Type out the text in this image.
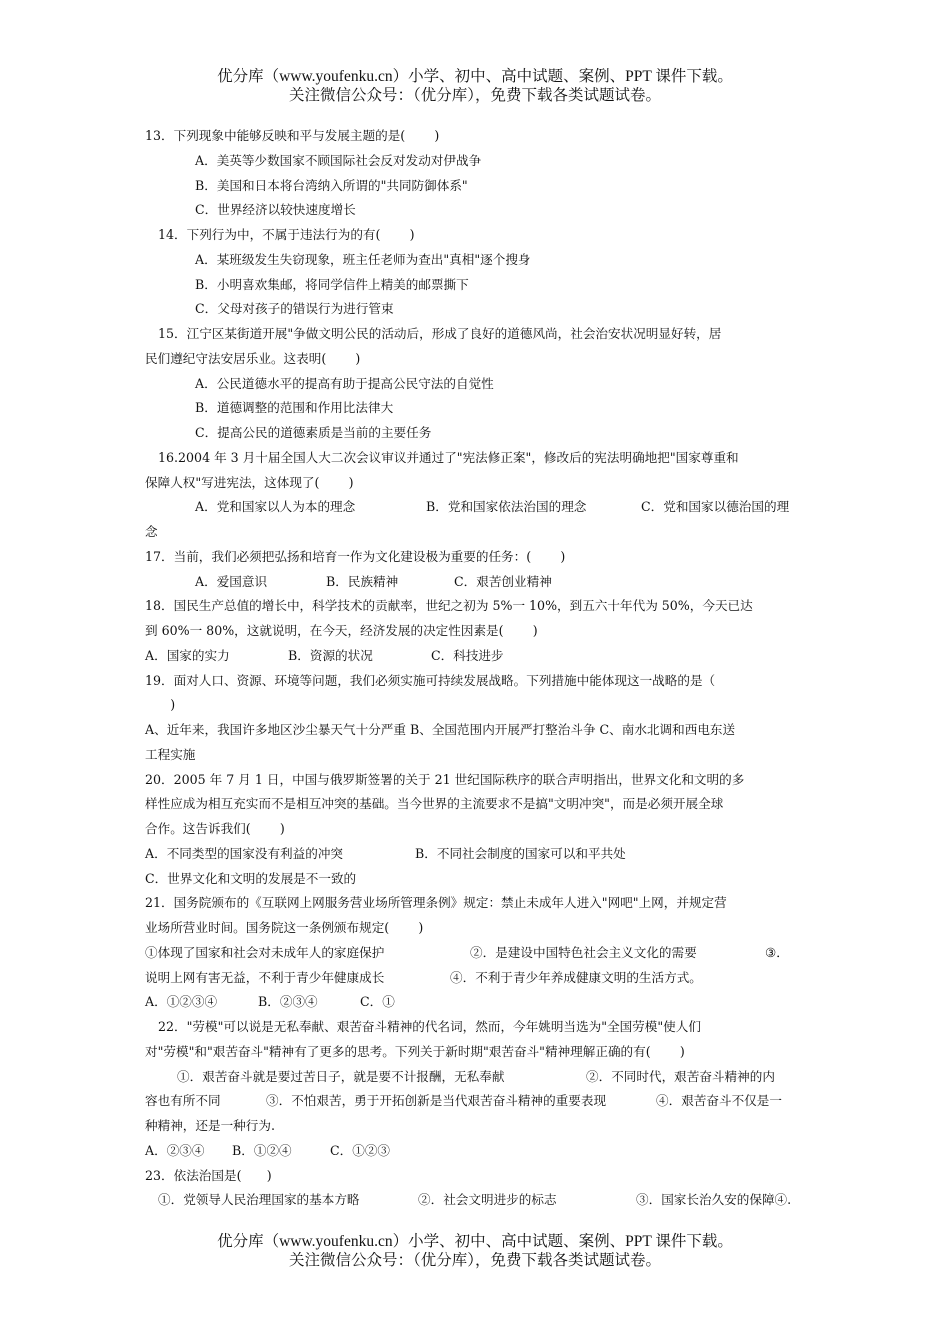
优分库（www.youfenku.cn）小学、初中、高中试题、案例、PPT 课件下载。
关注微信公众号：（优分库），免费下载各类试题试卷。
13．下列现象中能够反映和平与发展主题的是(　　 )
A．美英等少数国家不顾国际社会反对发动对伊战争
B．美国和日本将台湾纳入所谓的"共同防御体系"
C．世界经济以较快速度增长
14．下列行为中，不属于违法行为的有(　　 )
A．某班级发生失窃现象，班主任老师为查出"真相"逐个搜身
B．小明喜欢集邮，将同学信件上精美的邮票撕下
C．父母对孩子的错误行为进行管束
15．江宁区某街道开展"争做文明公民的活动后，形成了良好的道德风尚，社会治安状况明显好转，居
民们遵纪守法安居乐业。这表明(　　 )
A．公民道德水平的提高有助于提高公民守法的自觉性
B．道德调整的范围和作用比法律大
C．提高公民的道德素质是当前的主要任务
16.2004 年 3 月十届全国人大二次会议审议并通过了"宪法修正案"，修改后的宪法明确地把"国家尊重和
保障人权"写进宪法，这体现了(　　 )
A．党和国家以人为本的理念	B．党和国家依法治国的理念	C．党和国家以德治国的理
念
17．当前，我们必须把弘扬和培育一作为文化建设极为重要的任务：(　　 )
A．爱国意识	B．民族精神	C．艰苦创业精神
18．国民生产总值的增长中，科学技术的贡献率，世纪之初为 5%一 10%，到五六十年代为 50%，今天已达
到 60%一 80%，这就说明，在今天，经济发展的决定性因素是(　　 )
A．国家的实力	B．资源的状况	C．科技进步
19．面对人口、资源、环境等问题，我们必须实施可持续发展战略。下列措施中能体现这一战略的是（
　　)
A、近年来，我国许多地区沙尘暴天气十分严重 B、全国范围内开展严打整治斗争 C、南水北调和西电东送
工程实施
20．2005 年 7 月 1 日，中国与俄罗斯签署的关于 21 世纪国际秩序的联合声明指出，世界文化和文明的多
样性应成为相互充实而不是相互冲突的基础。当今世界的主流要求不是搞"文明冲突"，而是必须开展全球
合作。这告诉我们(　　 )
A．不同类型的国家没有利益的冲突	B．不同社会制度的国家可以和平共处
C．世界文化和文明的发展是不一致的
21．国务院颁布的《互联网上网服务营业场所管理条例》规定：禁止未成年人进入"网吧"上网，并规定营
业场所营业时间。国务院这一条例颁布规定(　　 )
①体现了国家和社会对未成年人的家庭保护	②．是建设中国特色社会主义文化的需要	③．
说明上网有害无益，不利于青少年健康成长	④．不利于青少年养成健康文明的生活方式。
A．①②③④	B．②③④	C．①
22．"劳模"可以说是无私奉献、艰苦奋斗精神的代名词，然而，今年姚明当选为"全国劳模"使人们
对"劳模"和"艰苦奋斗"精神有了更多的思考。下列关于新时期"艰苦奋斗"精神理解正确的有(　　 )
①．艰苦奋斗就是要过苦日子，就是要不计报酬，无私奉献	②．不同时代，艰苦奋斗精神的内
容也有所不同	③．不怕艰苦，勇于开拓创新是当代艰苦奋斗精神的重要表现	④．艰苦奋斗不仅是一
种精神，还是一种行为.
A．②③④	B．①②④	C．①②③
23．依法治国是(　　)
①．党领导人民治理国家的基本方略	②．社会文明进步的标志	③．国家长治久安的保障④.
优分库（www.youfenku.cn）小学、初中、高中试题、案例、PPT 课件下载。
关注微信公众号：（优分库），免费下载各类试题试卷。
